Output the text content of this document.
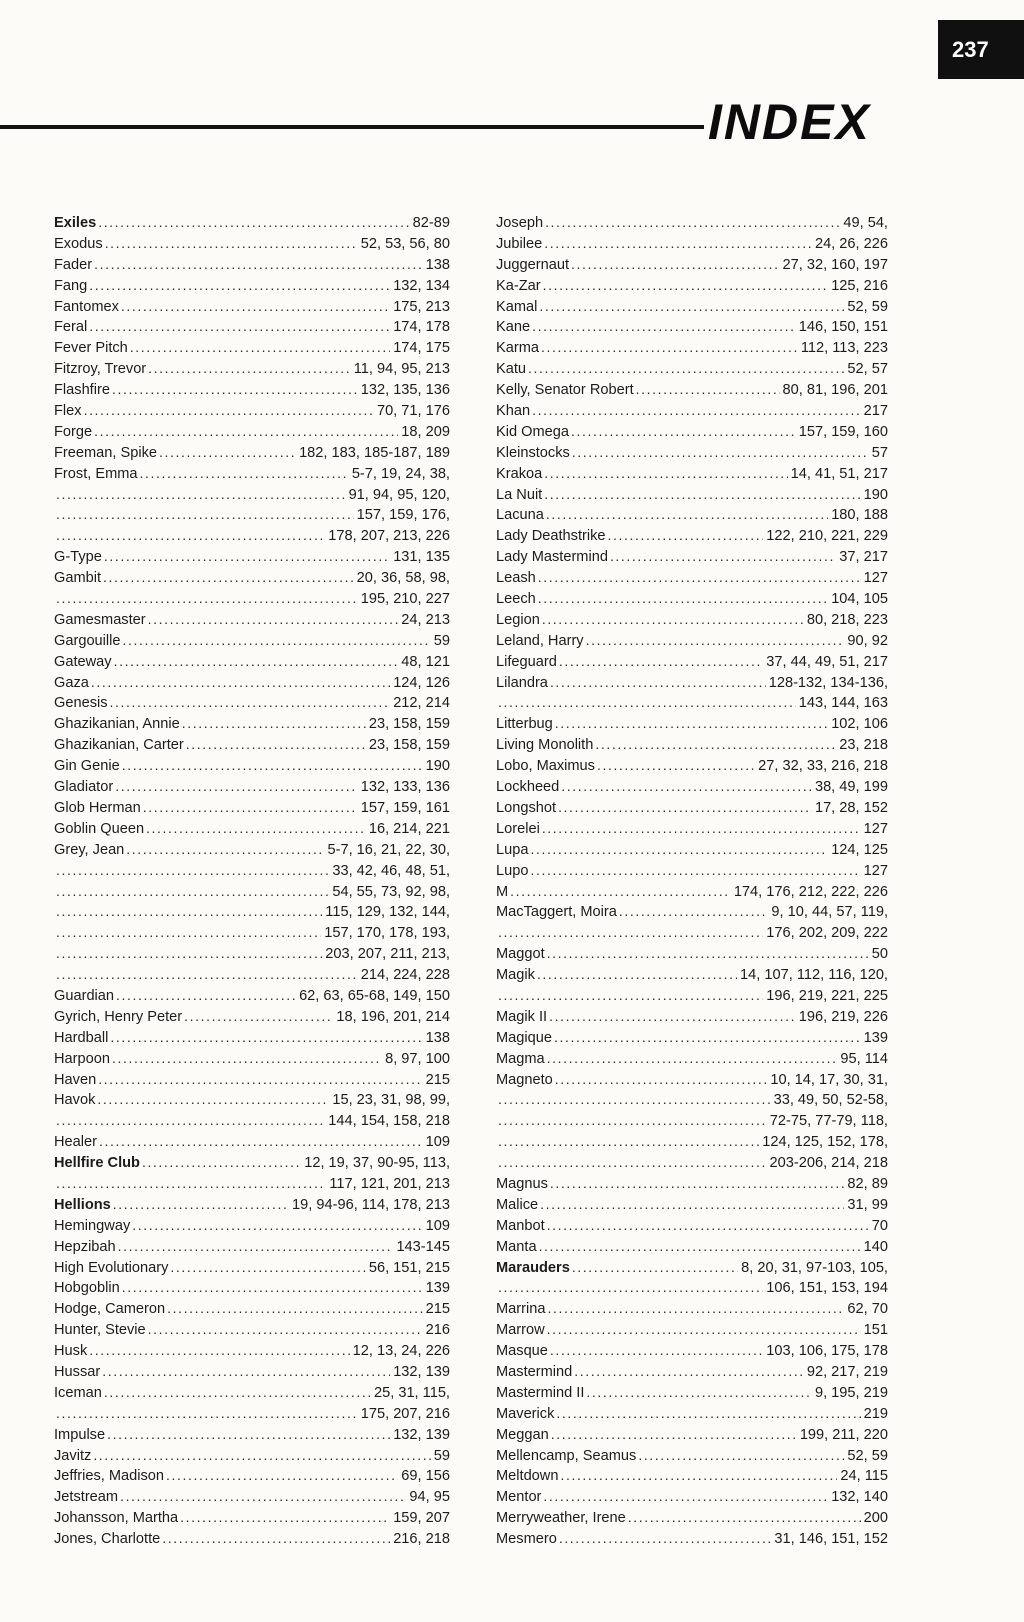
237
INDEX
Exiles .....	82-89
Exodus .....	52, 53, 56, 80
Fader .....	138
Fang .....	132, 134
Fantomex .....	175, 213
Feral .....	174, 178
Fever Pitch .....	174, 175
Fitzroy, Trevor .....	11, 94, 95, 213
Flashfire .....	132, 135, 136
Flex .....	70, 71, 176
Forge .....	18, 209
Freeman, Spike .....	182, 183, 185-187, 189
Frost, Emma .....	5-7, 19, 24, 38,
.....
91, 94, 95, 120,
.....
157, 159, 176,
.....
178, 207, 213, 226
G-Type .....	131, 135
Gambit .....	20, 36, 58, 98,
.....
195, 210, 227
Gamesmaster .....	24, 213
Gargouille .....	59
Gateway .....	48, 121
Gaza .....	124, 126
Genesis .....	212, 214
Ghazikanian, Annie .....	23, 158, 159
Ghazikanian, Carter .....	23, 158, 159
Gin Genie .....	190
Gladiator .....	132, 133, 136
Glob Herman .....	157, 159, 161
Goblin Queen .....	16, 214, 221
Grey, Jean .....	5-7, 16, 21, 22, 30,
.....
33, 42, 46, 48, 51,
.....
54, 55, 73, 92, 98,
.....
115, 129, 132, 144,
.....
157, 170, 178, 193,
.....
203, 207, 211, 213,
.....
214, 224, 228
Guardian .....	62, 63, 65-68, 149, 150
Gyrich, Henry Peter .....	18, 196, 201, 214
Hardball .....	138
Harpoon .....	8, 97, 100
Haven .....	215
Havok .....	15, 23, 31, 98, 99,
.....
144, 154, 158, 218
Healer .....	109
Hellfire Club .....	12, 19, 37, 90-95, 113,
.....
117, 121, 201, 213
Hellions .....	19, 94-96, 114, 178, 213
Hemingway .....	109
Hepzibah .....	143-145
High Evolutionary .....	56, 151, 215
Hobgoblin .....	139
Hodge, Cameron .....	215
Hunter, Stevie .....	216
Husk .....	12, 13, 24, 226
Hussar .....	132, 139
Iceman .....	25, 31, 115,
.....
175, 207, 216
Impulse .....	132, 139
Javitz .....	59
Jeffries, Madison .....	69, 156
Jetstream .....	94, 95
Johansson, Martha .....	159, 207
Jones, Charlotte .....	216, 218
Joseph .....	49, 54,
Jubilee .....	24, 26, 226
Juggernaut .....	27, 32, 160, 197
Ka-Zar .....	125, 216
Kamal .....	52, 59
Kane .....	146, 150, 151
Karma .....	112, 113, 223
Katu .....	52, 57
Kelly, Senator Robert .....	80, 81, 196, 201
Khan .....	217
Kid Omega .....	157, 159, 160
Kleinstocks .....	57
Krakoa .....	14, 41, 51, 217
La Nuit .....	190
Lacuna .....	180, 188
Lady Deathstrike .....	122, 210, 221, 229
Lady Mastermind .....	37, 217
Leash .....	127
Leech .....	104, 105
Legion .....	80, 218, 223
Leland, Harry .....	90, 92
Lifeguard .....	37, 44, 49, 51, 217
Lilandra .....	128-132, 134-136,
.....
143, 144, 163
Litterbug .....	102, 106
Living Monolith .....	23, 218
Lobo, Maximus .....	27, 32, 33, 216, 218
Lockheed .....	38, 49, 199
Longshot .....	17, 28, 152
Lorelei .....	127
Lupa .....	124, 125
Lupo .....	127
M .....	174, 176, 212, 222, 226
MacTaggert, Moira .....	9, 10, 44, 57, 119,
.....
176, 202, 209, 222
Maggot .....	50
Magik .....	14, 107, 112, 116, 120,
.....
196, 219, 221, 225
Magik II .....	196, 219, 226
Magique .....	139
Magma .....	95, 114
Magneto .....	10, 14, 17, 30, 31,
.....
33, 49, 50, 52-58,
.....
72-75, 77-79, 118,
.....
124, 125, 152, 178,
.....
203-206, 214, 218
Magnus .....	82, 89
Malice .....	31, 99
Manbot .....	70
Manta .....	140
Marauders .....	8, 20, 31, 97-103, 105,
.....
106, 151, 153, 194
Marrina .....	62, 70
Marrow .....	151
Masque .....	103, 106, 175, 178
Mastermind .....	92, 217, 219
Mastermind II .....	9, 195, 219
Maverick .....	219
Meggan .....	199, 211, 220
Mellencamp, Seamus .....	52, 59
Meltdown .....	24, 115
Mentor .....	132, 140
Merryweather, Irene .....	200
Mesmero .....	31, 146, 151, 152
